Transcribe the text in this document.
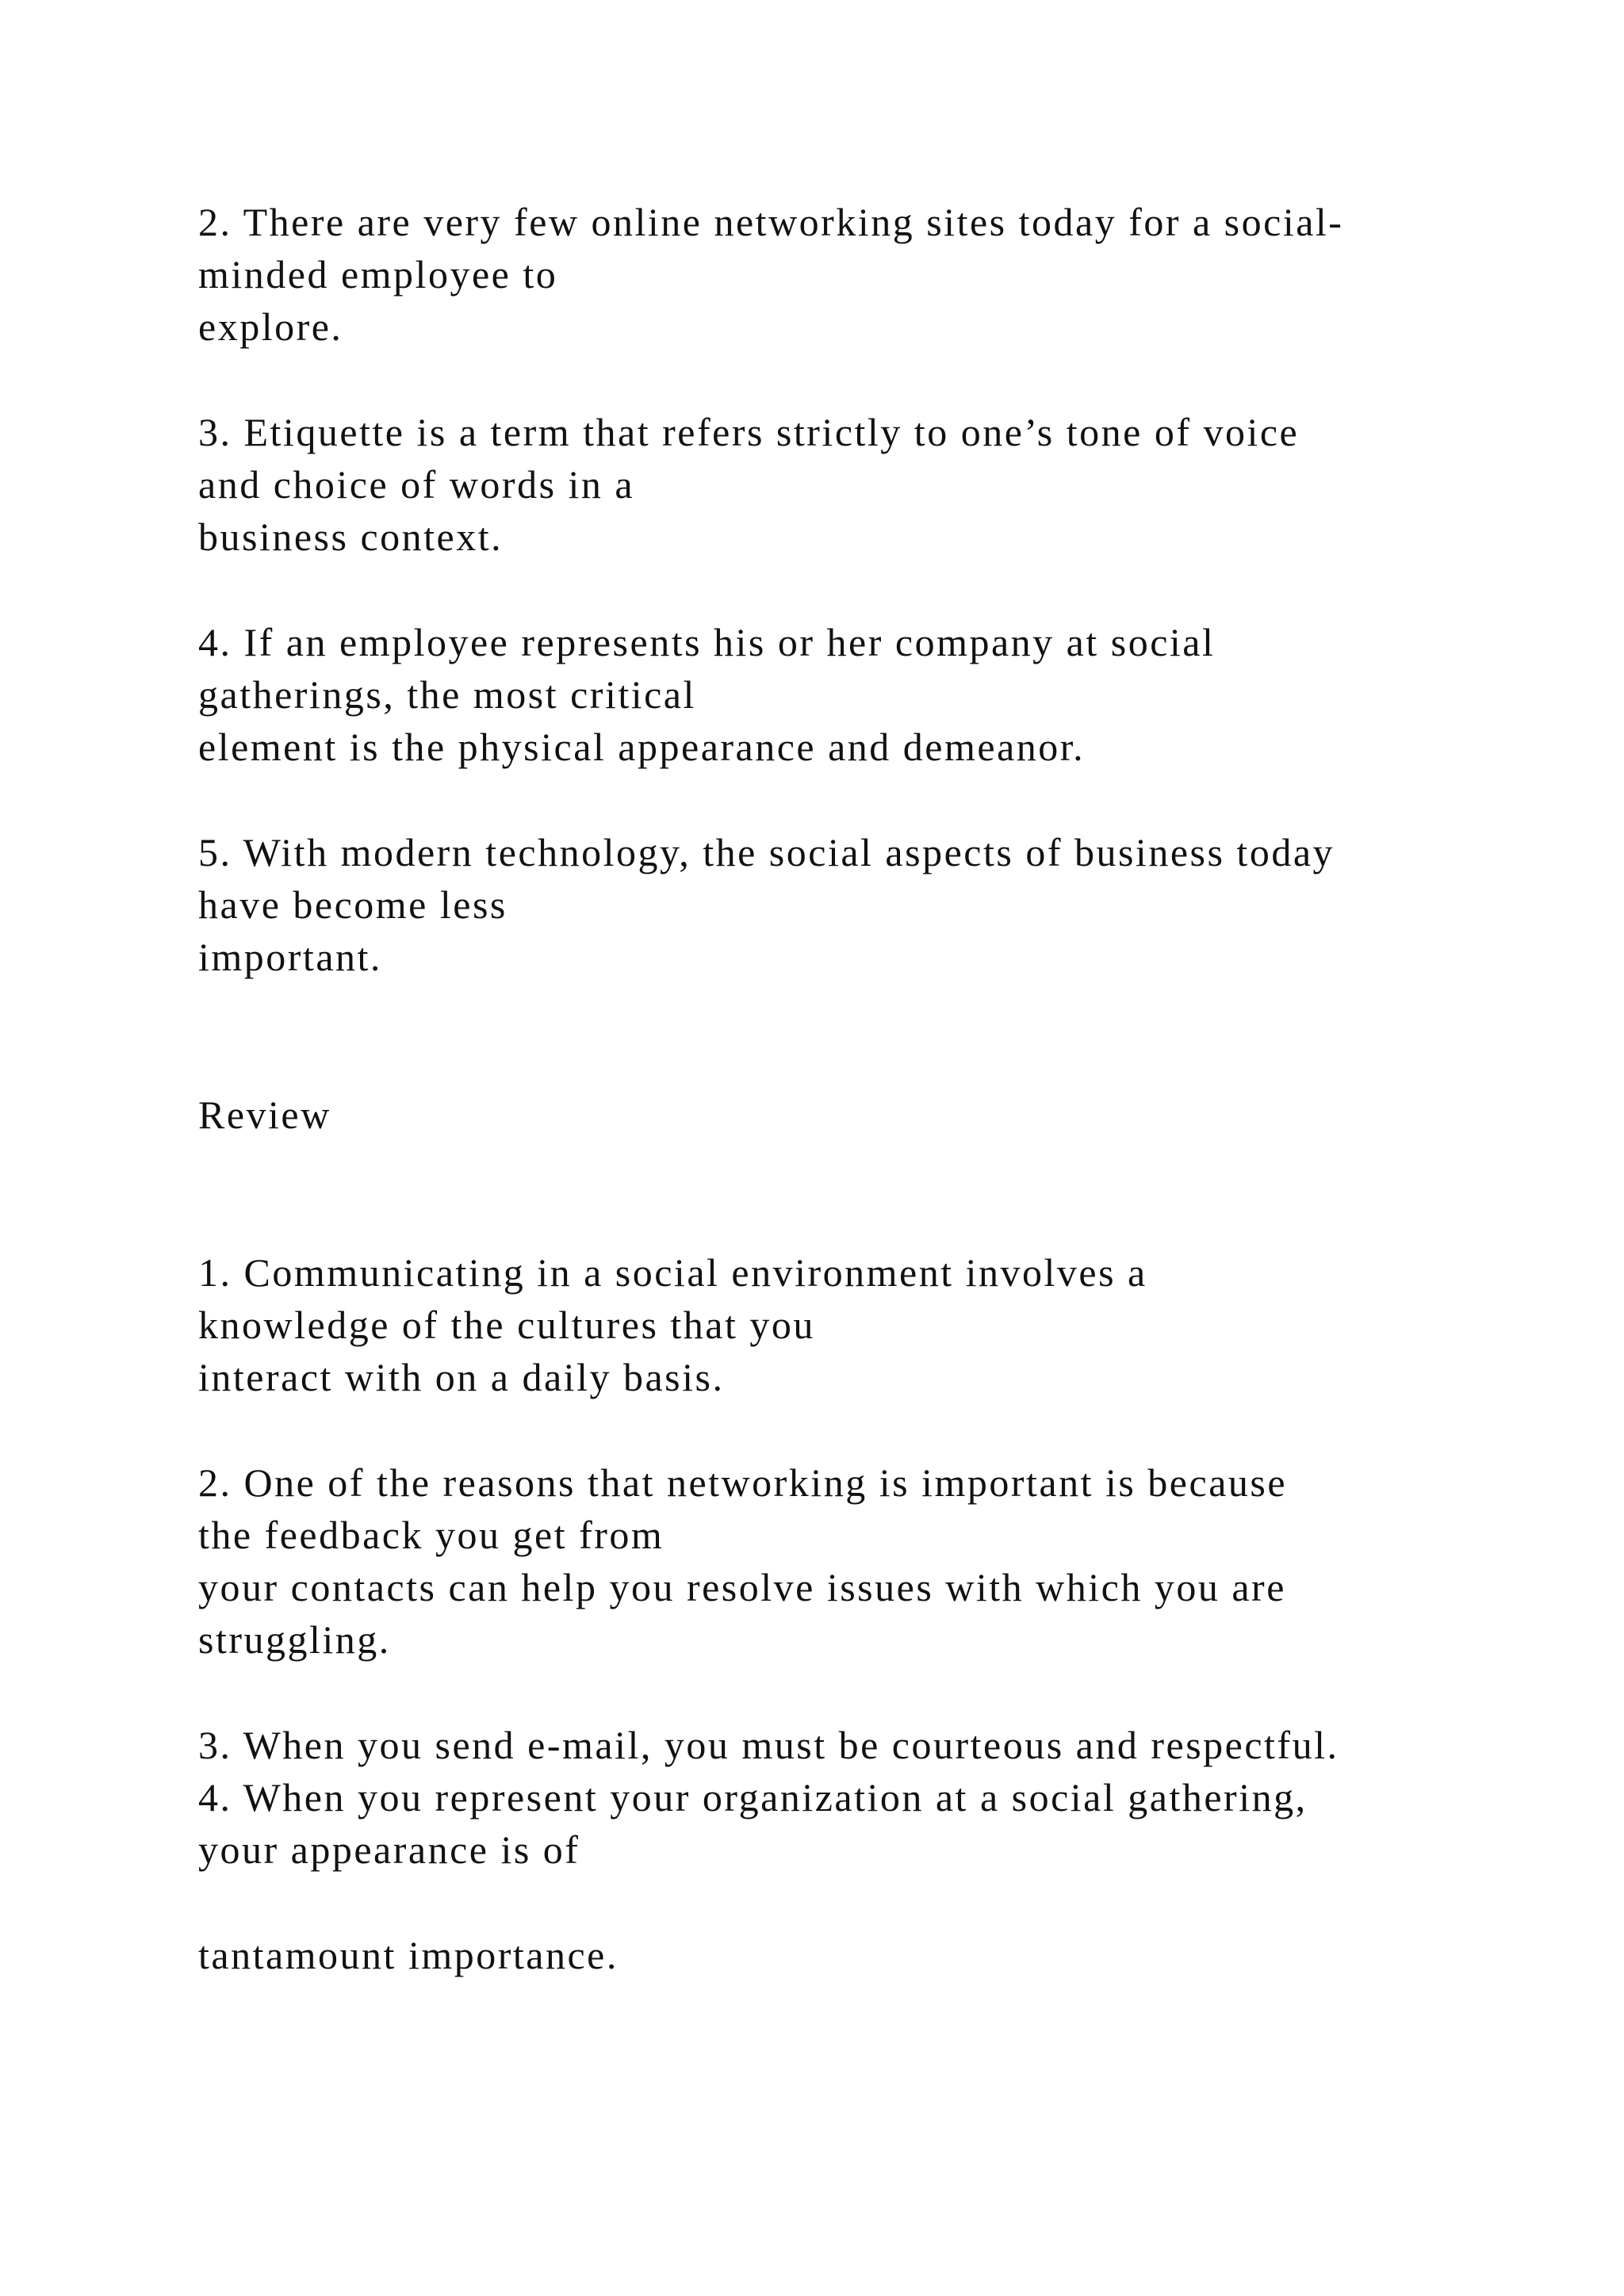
2. There are very few online networking sites today for a social-

minded employee to

explore.

3. Etiquette is a term that refers strictly to one’s tone of voice

and choice of words in a

business context.

4. If an employee represents his or her company at social

gatherings, the most critical

element is the physical appearance and demeanor.

5. With modern technology, the social aspects of business today

have become less

important.

Review

1. Communicating in a social environment involves a

knowledge of the cultures that you

interact with on a daily basis.

2. One of the reasons that networking is important is because

the feedback you get from

your contacts can help you resolve issues with which you are

struggling.

3. When you send e-mail, you must be courteous and respectful.

4. When you represent your organization at a social gathering,

your appearance is of

tantamount importance.
